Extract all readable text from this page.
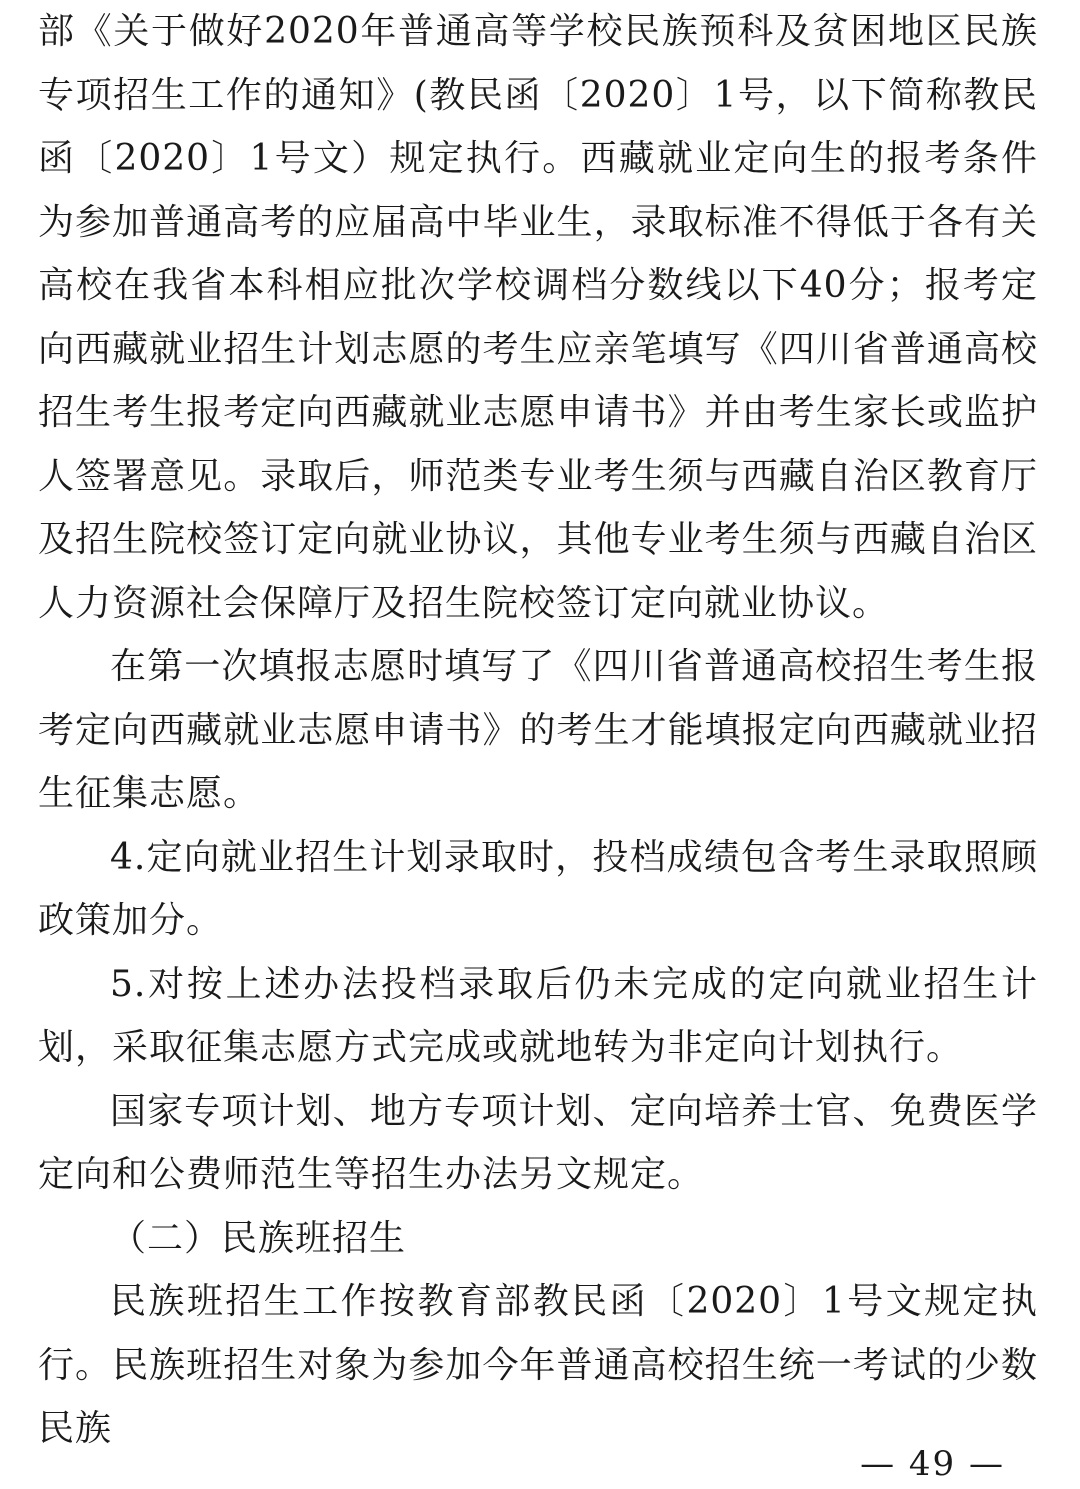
部《关于做好2020年普通高等学校民族预科及贫困地区民族专项招生工作的通知》(教民函〔2020〕1号，以下简称教民函〔2020〕1号文）规定执行。西藏就业定向生的报考条件为参加普通高考的应届高中毕业生，录取标准不得低于各有关高校在我省本科相应批次学校调档分数线以下40分；报考定向西藏就业招生计划志愿的考生应亲笔填写《四川省普通高校招生考生报考定向西藏就业志愿申请书》并由考生家长或监护人签署意见。录取后，师范类专业考生须与西藏自治区教育厅及招生院校签订定向就业协议，其他专业考生须与西藏自治区人力资源社会保障厅及招生院校签订定向就业协议。

在第一次填报志愿时填写了《四川省普通高校招生考生报考定向西藏就业志愿申请书》的考生才能填报定向西藏就业招生征集志愿。

4.定向就业招生计划录取时，投档成绩包含考生录取照顾政策加分。

5.对按上述办法投档录取后仍未完成的定向就业招生计划，采取征集志愿方式完成或就地转为非定向计划执行。

国家专项计划、地方专项计划、定向培养士官、免费医学定向和公费师范生等招生办法另文规定。

（二）民族班招生

民族班招生工作按教育部教民函〔2020〕1号文规定执行。民族班招生对象为参加今年普通高校招生统一考试的少数民族

— 49 —
